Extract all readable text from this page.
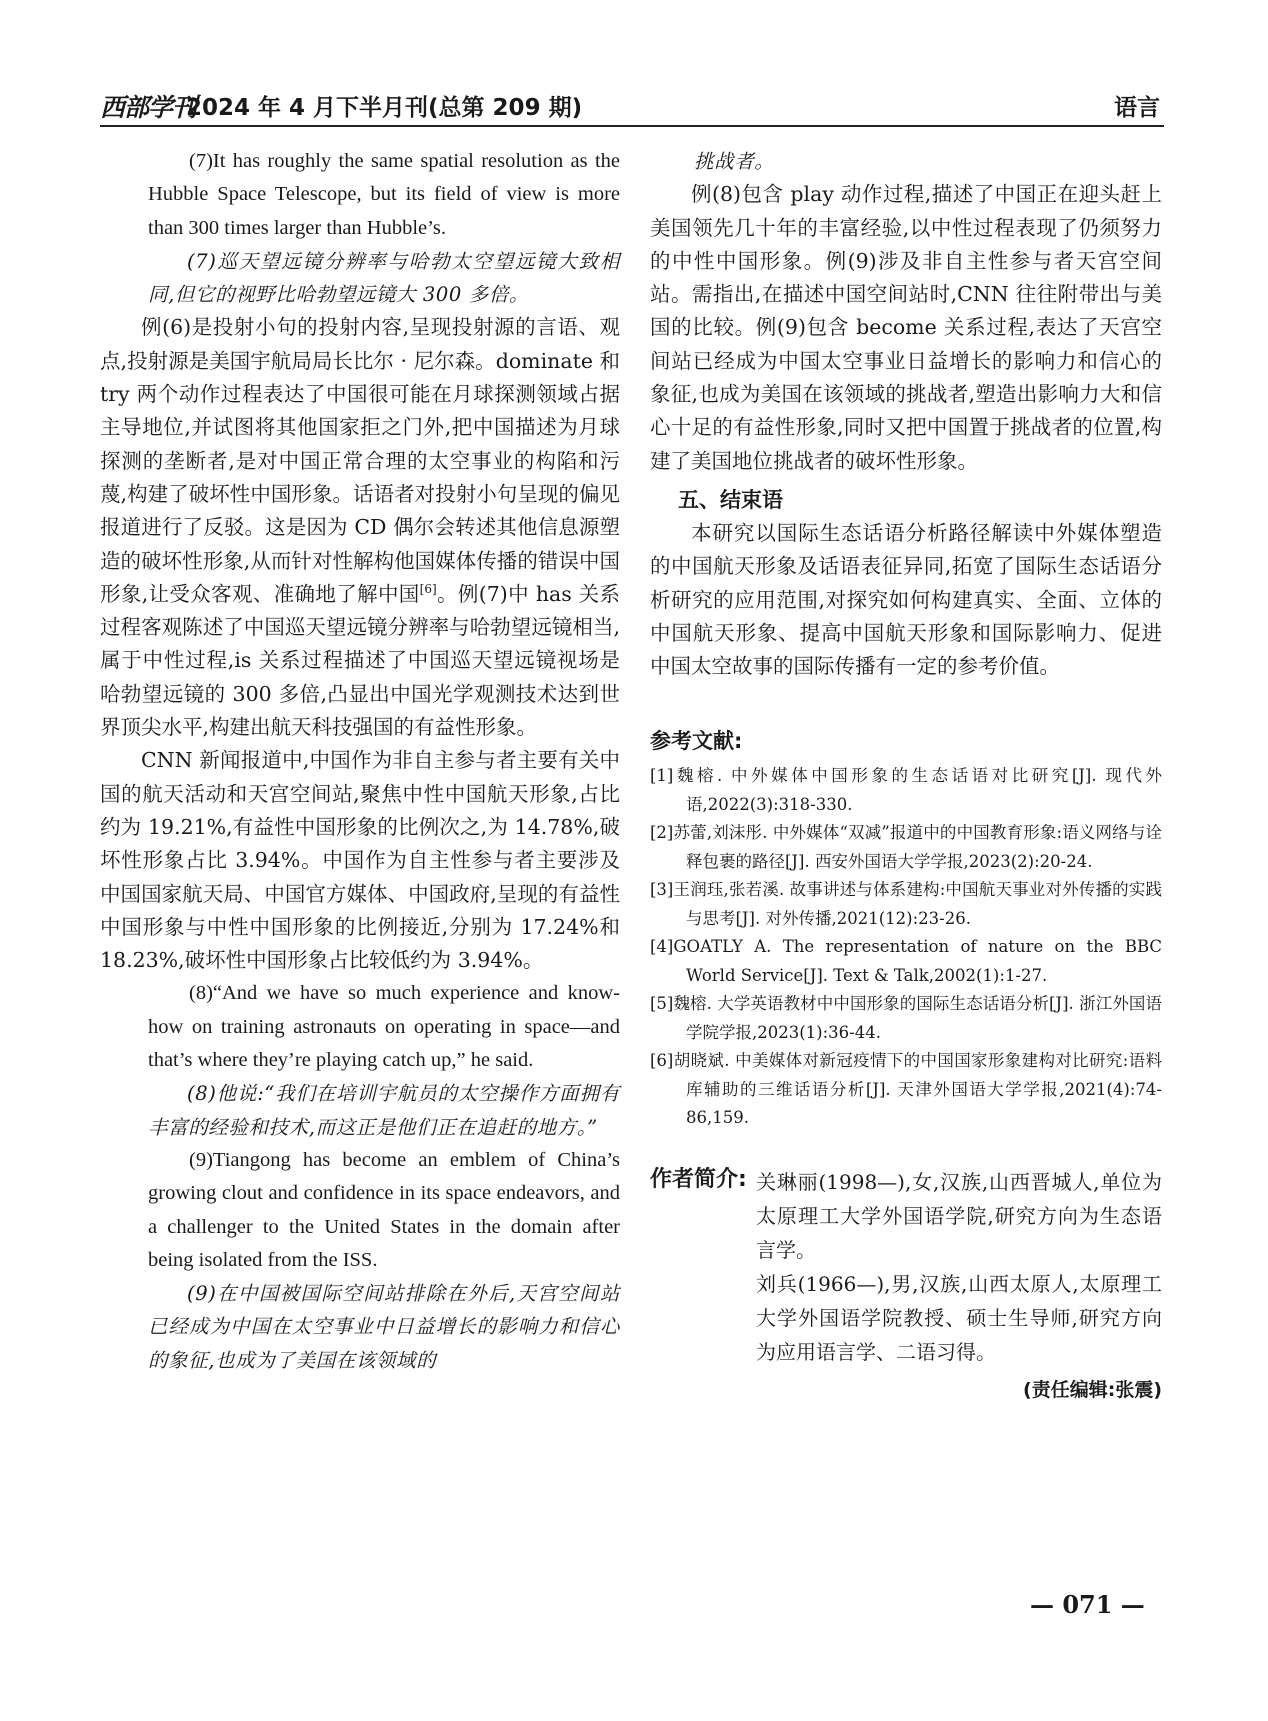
西部学刊
2024 年 4 月下半月刊(总第 209 期)	语言

(7)It has roughly the same spatial resolution as the Hubble Space Telescope, but its field of view is more than 300 times larger than Hubble’s.

(7)巡天望远镜分辨率与哈勃太空望远镜大致相同,但它的视野比哈勃望远镜大 300 多倍。

例(6)是投射小句的投射内容,呈现投射源的言语、观点,投射源是美国宇航局局长比尔 · 尼尔森。dominate 和 try 两个动作过程表达了中国很可能在月球探测领域占据主导地位,并试图将其他国家拒之门外,把中国描述为月球探测的垄断者,是对中国正常合理的太空事业的构陷和污蔑,构建了破坏性中国形象。话语者对投射小句呈现的偏见报道进行了反驳。这是因为 CD 偶尔会转述其他信息源塑造的破坏性形象,从而针对性解构他国媒体传播的错误中国形象,让受众客观、准确地了解中国[6]。例(7)中 has 关系过程客观陈述了中国巡天望远镜分辨率与哈勃望远镜相当,属于中性过程,is 关系过程描述了中国巡天望远镜视场是哈勃望远镜的 300 多倍,凸显出中国光学观测技术达到世界顶尖水平,构建出航天科技强国的有益性形象。

CNN 新闻报道中,中国作为非自主参与者主要有关中国的航天活动和天宫空间站,聚焦中性中国航天形象,占比约为 19.21%,有益性中国形象的比例次之,为 14.78%,破坏性形象占比 3.94%。中国作为自主性参与者主要涉及中国国家航天局、中国官方媒体、中国政府,呈现的有益性中国形象与中性中国形象的比例接近,分别为 17.24%和 18.23%,破坏性中国形象占比较低约为 3.94%。

(8)“And we have so much experience and know-how on training astronauts on operating in space—and that’s where they’re playing catch up,” he said.

(8)他说:“我们在培训宇航员的太空操作方面拥有丰富的经验和技术,而这正是他们正在追赶的地方。”

(9)Tiangong has become an emblem of China’s growing clout and confidence in its space endeavors, and a challenger to the United States in the domain after being isolated from the ISS.

(9)在中国被国际空间站排除在外后,天宫空间站已经成为中国在太空事业中日益增长的影响力和信心的象征,也成为了美国在该领域的

挑战者。

例(8)包含 play 动作过程,描述了中国正在迎头赶上美国领先几十年的丰富经验,以中性过程表现了仍须努力的中性中国形象。例(9)涉及非自主性参与者天宫空间站。需指出,在描述中国空间站时,CNN 往往附带出与美国的比较。例(9)包含 become 关系过程,表达了天宫空间站已经成为中国太空事业日益增长的影响力和信心的象征,也成为美国在该领域的挑战者,塑造出影响力大和信心十足的有益性形象,同时又把中国置于挑战者的位置,构建了美国地位挑战者的破坏性形象。

五、结束语

本研究以国际生态话语分析路径解读中外媒体塑造的中国航天形象及话语表征异同,拓宽了国际生态话语分析研究的应用范围,对探究如何构建真实、全面、立体的中国航天形象、提高中国航天形象和国际影响力、促进中国太空故事的国际传播有一定的参考价值。

参考文献:

[1]魏榕. 中外媒体中国形象的生态话语对比研究[J]. 现代外语,2022(3):318-330.

[2]苏蕾,刘沫彤. 中外媒体“双减”报道中的中国教育形象:语义网络与诠释包裹的路径[J]. 西安外国语大学学报,2023(2):20-24.

[3]王润珏,张若溪. 故事讲述与体系建构:中国航天事业对外传播的实践与思考[J]. 对外传播,2021(12):23-26.

[4]GOATLY A. The representation of nature on the BBC World Service[J]. Text & Talk,2002(1):1-27.

[5]魏榕. 大学英语教材中中国形象的国际生态话语分析[J]. 浙江外国语学院学报,2023(1):36-44.

[6]胡晓斌. 中美媒体对新冠疫情下的中国国家形象建构对比研究:语料库辅助的三维话语分析[J]. 天津外国语大学学报,2021(4):74-86,159.

作者简介: 关琳丽(1998—),女,汉族,山西晋城人,单位为太原理工大学外国语学院,研究方向为生态语言学。

刘兵(1966—),男,汉族,山西太原人,太原理工大学外国语学院教授、硕士生导师,研究方向为应用语言学、二语习得。

(责任编辑:张震)
— 071 —
